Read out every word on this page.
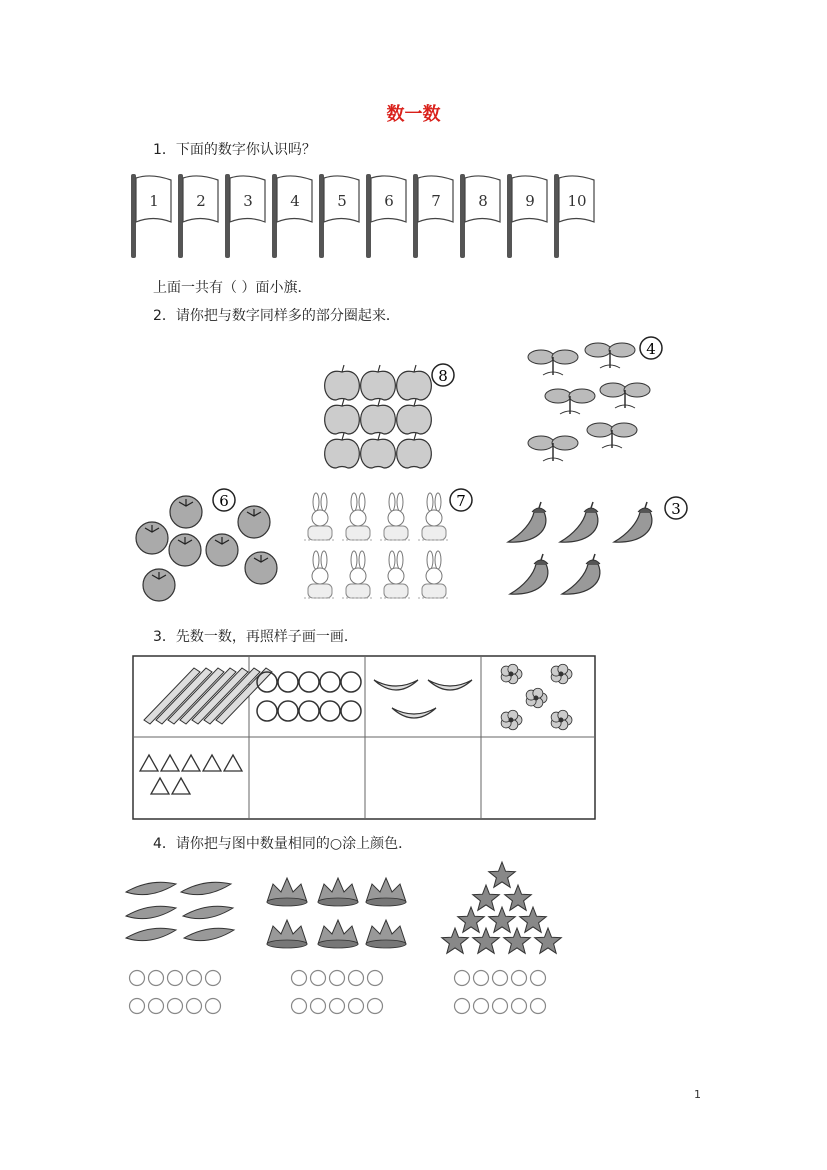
数一数
1．下面的数字你认识吗？
1 2 3 4 5 6 7 8 9 10
上面一共有（ ）面小旗．
2．请你把与数字同样多的部分圈起来．
8
4
6	7	3
3．先数一数，再照样子画一画．
4．请你把与图中数量相同的○涂上颜色．
1
